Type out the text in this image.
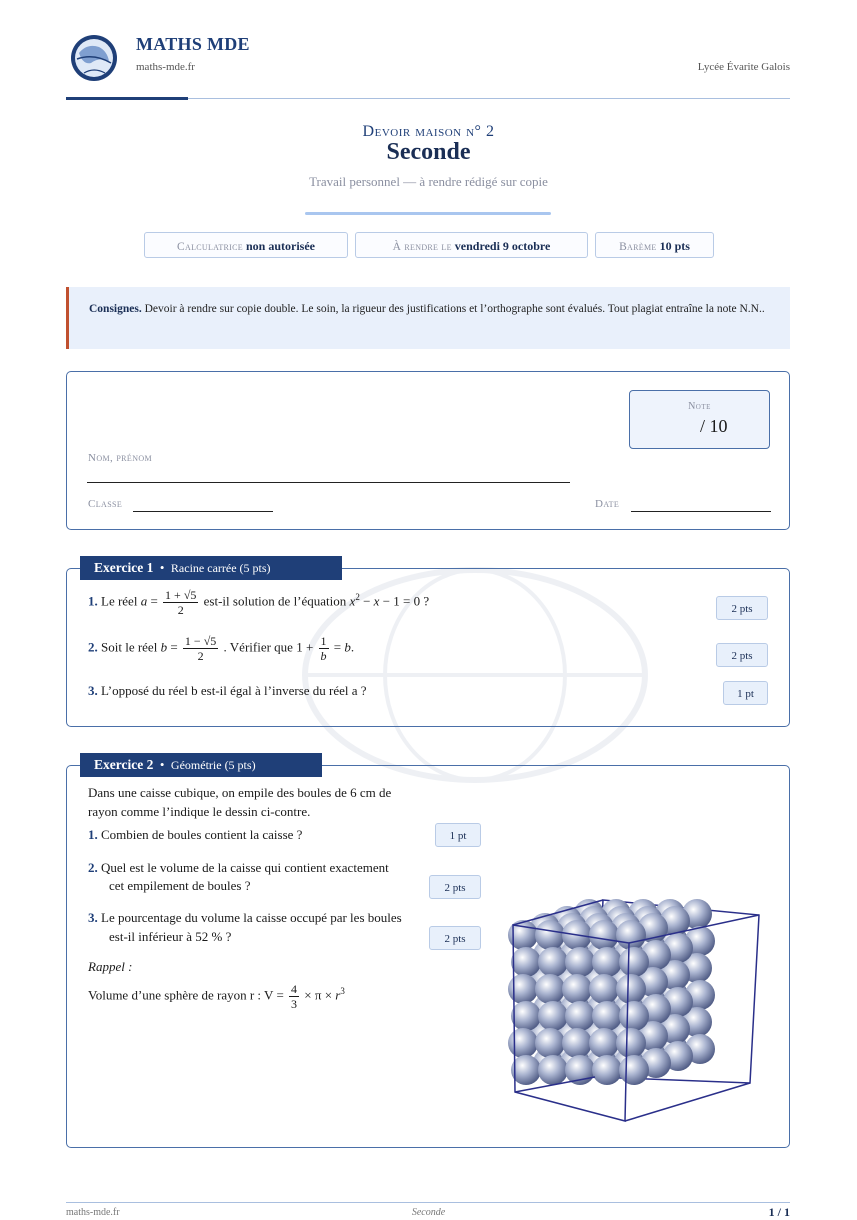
MATHS MDE
maths-mde.fr	Lycée Évarite Galois
Devoir maison n° 2
Seconde
Travail personnel — à rendre rédigé sur copie
Calculatrice non autorisée	À rendre le vendredi 9 octobre	Barème 10 pts
Consignes. Devoir à rendre sur copie double. Le soin, la rigueur des justifications et l’orthographe sont évalués. Tout plagiat entraîne la note N.N..
Note
/ 10
Nom, prénom
Classe	Date
Exercice 1  •  Racine carrée (5 pts)
1. Le réel $a = \frac{1 + √5}{2} est-il$ solution de l’équation $x^2 - x - 1 = 0$ ?
2 pts
2. Soit le réel $b = \frac{1 - √5}{2}$ . Vérifier que $1 + \frac{1}{b} = b$.
2 pts
3. L’opposé du réel b est-il égal à l’inverse du réel a ?	1 pt
Exercice 2  •  Géométrie (5 pts)
Dans une caisse cubique, on empile des boules de 6 cm de
rayon comme l’indique le dessin ci-contre.
1. Combien de boules contient la caisse ?	1 pt
2. Quel est le volume de la caisse qui contient exactement
cet empilement de boules ?	2 pts
3. Le pourcentage du volume la caisse occupé par les boules
est-il inférieur à 52 % ?	2 pts
Rappel :
Volume d’une sphère de rayon r : $V = \frac{4}{3} \times \pi \times r^3$
maths-mde.fr	Seconde	1 / 1
